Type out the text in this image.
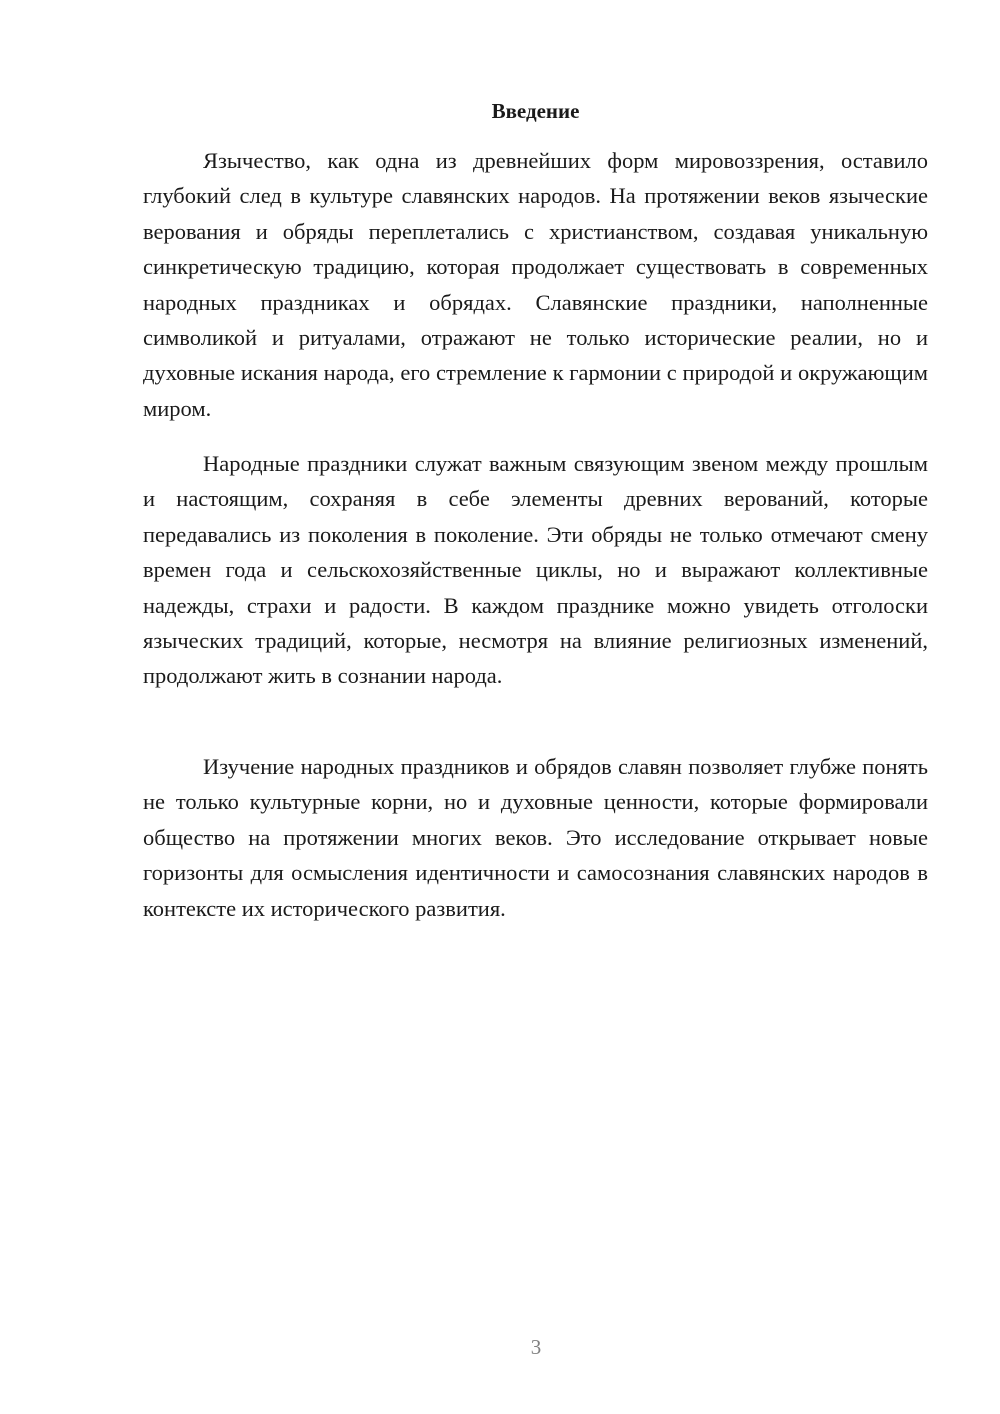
Введение

Язычество, как одна из древнейших форм мировоззрения, оставило глубокий след в культуре славянских народов. На протяжении веков языческие верования и обряды переплетались с христианством, создавая уникальную синкретическую традицию, которая продолжает существовать в современных народных праздниках и обрядах. Славянские праздники, наполненные символикой и ритуалами, отражают не только исторические реалии, но и духовные искания народа, его стремление к гармонии с природой и окружающим миром.

Народные праздники служат важным связующим звеном между прошлым и настоящим, сохраняя в себе элементы древних верований, которые передавались из поколения в поколение. Эти обряды не только отмечают смену времен года и сельскохозяйственные циклы, но и выражают коллективные надежды, страхи и радости. В каждом празднике можно увидеть отголоски языческих традиций, которые, несмотря на влияние религиозных изменений, продолжают жить в сознании народа.

Изучение народных праздников и обрядов славян позволяет глубже понять не только культурные корни, но и духовные ценности, которые формировали общество на протяжении многих веков. Это исследование открывает новые горизонты для осмысления идентичности и самосознания славянских народов в контексте их исторического развития.

3
